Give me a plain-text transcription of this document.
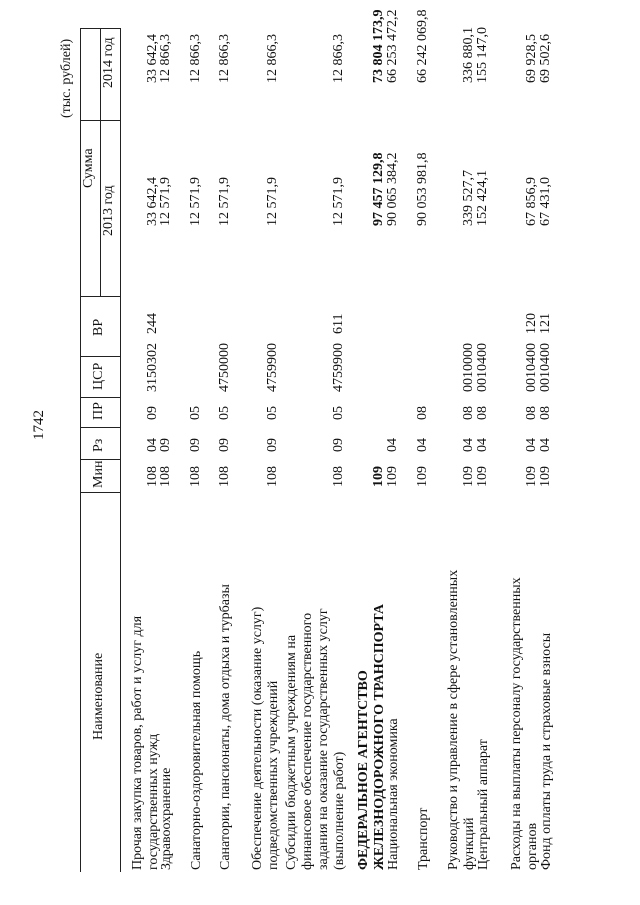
1742
(тыс. рублей)
Наименование
Мин
Рз
ПР
ЦСР
ВР
Сумма
2013 год
2014 год
Прочая закупка товаров, работ и услуг для государственных нужд
108
04
09
3150302
244
33 642,4
33 642,4
Здравоохранение
108
09
12 571,9
12 866,3
Санаторно-оздоровительная помощь
108
09
05
12 571,9
12 866,3
Санатории, пансионаты, дома отдыха и турбазы
108
09
05
4750000
12 571,9
12 866,3
Обеспечение деятельности (оказание услуг) подведомственных учреждений
108
09
05
4759900
12 571,9
12 866,3
Субсидии бюджетным учреждениям на финансовое обеспечение государственного задания на оказание государственных услуг (выполнение работ)
108
09
05
4759900
611
12 571,9
12 866,3
ФЕДЕРАЛЬНОЕ АГЕНТСТВО ЖЕЛЕЗНОДОРОЖНОГО ТРАНСПОРТА
109
97 457 129,8
73 804 173,9
Национальная экономика
109
04
90 065 384,2
66 253 472,2
Транспорт
109
04
08
90 053 981,8
66 242 069,8
Руководство и управление в сфере установленных функций
109
04
08
0010000
339 527,7
336 880,1
Центральный аппарат
109
04
08
0010400
152 424,1
155 147,0
Расходы на выплаты персоналу государственных органов
109
04
08
0010400
120
67 856,9
69 928,5
Фонд оплаты труда и страховые взносы
109
04
08
0010400
121
67 431,0
69 502,6
